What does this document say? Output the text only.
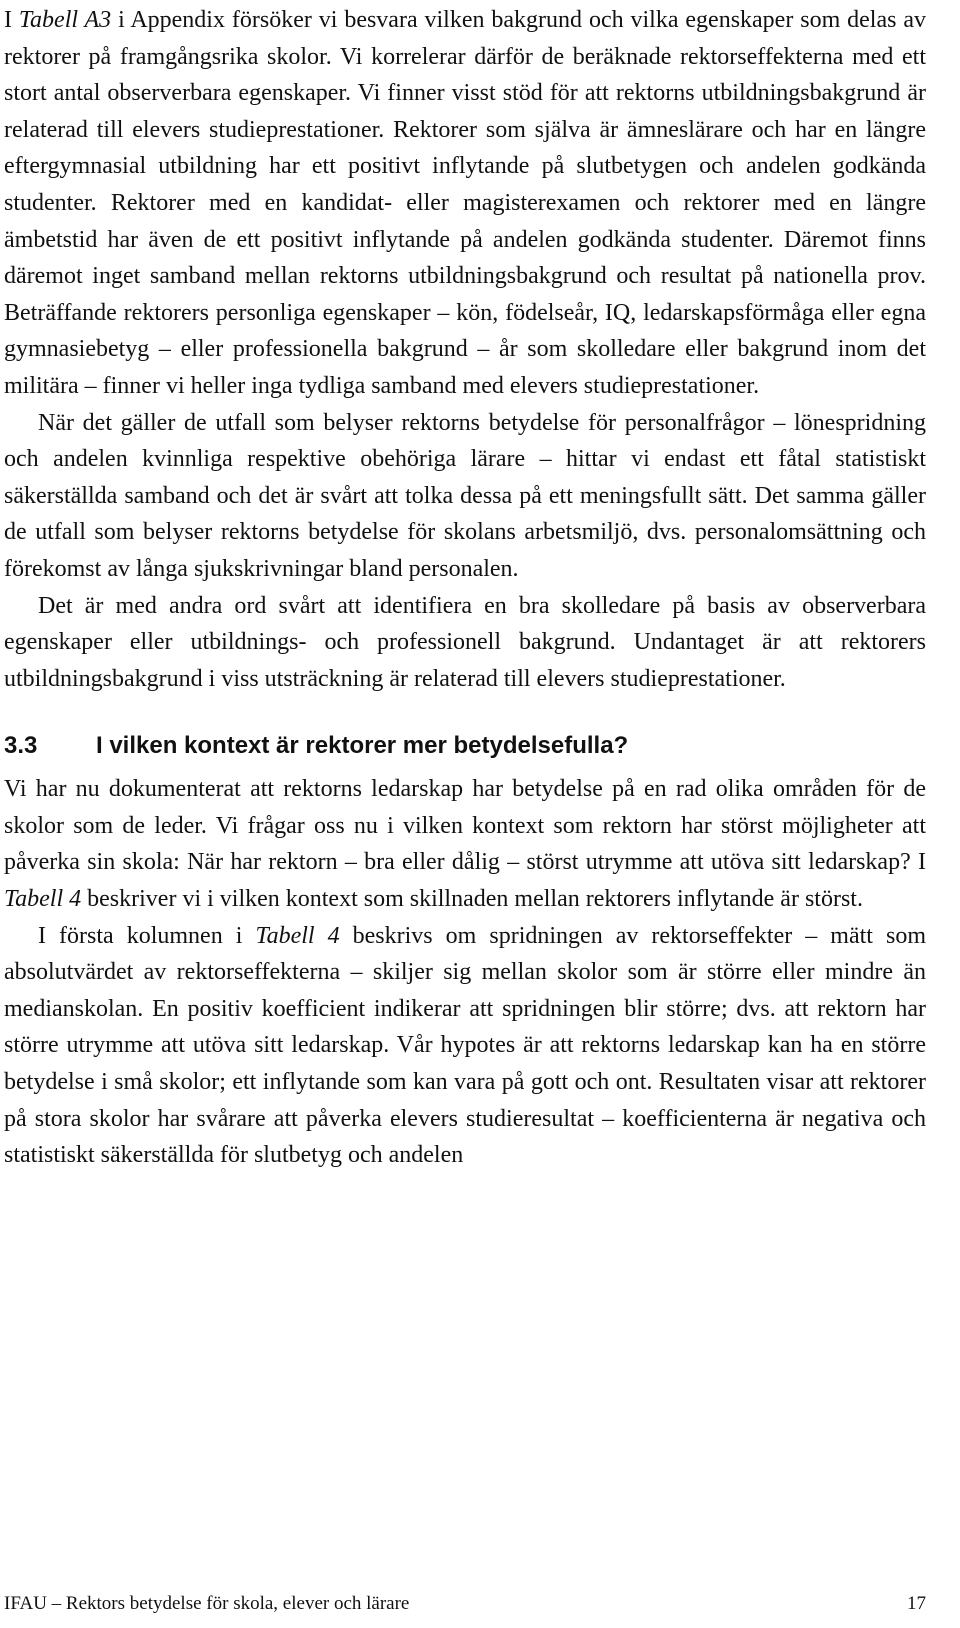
I Tabell A3 i Appendix försöker vi besvara vilken bakgrund och vilka egenskaper som delas av rektorer på framgångsrika skolor. Vi korrelerar därför de beräknade rektorseffekterna med ett stort antal observerbara egenskaper. Vi finner visst stöd för att rektorns utbildningsbakgrund är relaterad till elevers studieprestationer. Rektorer som själva är ämneslärare och har en längre eftergymnasial utbildning har ett positivt inflytande på slutbetygen och andelen godkända studenter. Rektorer med en kandidat- eller magisterexamen och rektorer med en längre ämbetstid har även de ett positivt inflytande på andelen godkända studenter. Däremot finns däremot inget samband mellan rektorns utbildningsbakgrund och resultat på nationella prov. Beträffande rektorers personliga egenskaper – kön, födelseår, IQ, ledarskapsförmåga eller egna gymnasiebetyg – eller professionella bakgrund – år som skolledare eller bakgrund inom det militära – finner vi heller inga tydliga samband med elevers studieprestationer.

När det gäller de utfall som belyser rektorns betydelse för personalfrågor – lönespridning och andelen kvinnliga respektive obehöriga lärare – hittar vi endast ett fåtal statistiskt säkerställda samband och det är svårt att tolka dessa på ett meningsfullt sätt. Det samma gäller de utfall som belyser rektorns betydelse för skolans arbetsmiljö, dvs. personalomsättning och förekomst av långa sjukskrivningar bland personalen.

Det är med andra ord svårt att identifiera en bra skolledare på basis av observerbara egenskaper eller utbildnings- och professionell bakgrund. Undantaget är att rektorers utbildningsbakgrund i viss utsträckning är relaterad till elevers studieprestationer.

3.3	I vilken kontext är rektorer mer betydelsefulla?

Vi har nu dokumenterat att rektorns ledarskap har betydelse på en rad olika områden för de skolor som de leder. Vi frågar oss nu i vilken kontext som rektorn har störst möjligheter att påverka sin skola: När har rektorn – bra eller dålig – störst utrymme att utöva sitt ledarskap? I Tabell 4 beskriver vi i vilken kontext som skillnaden mellan rektorers inflytande är störst.

I första kolumnen i Tabell 4 beskrivs om spridningen av rektorseffekter – mätt som absolutvärdet av rektorseffekterna – skiljer sig mellan skolor som är större eller mindre än medianskolan. En positiv koefficient indikerar att spridningen blir större; dvs. att rektorn har större utrymme att utöva sitt ledarskap. Vår hypotes är att rektorns ledarskap kan ha en större betydelse i små skolor; ett inflytande som kan vara på gott och ont. Resultaten visar att rektorer på stora skolor har svårare att påverka elevers studieresultat – koefficienterna är negativa och statistiskt säkerställda för slutbetyg och andelen

IFAU – Rektors betydelse för skola, elever och lärare	17
